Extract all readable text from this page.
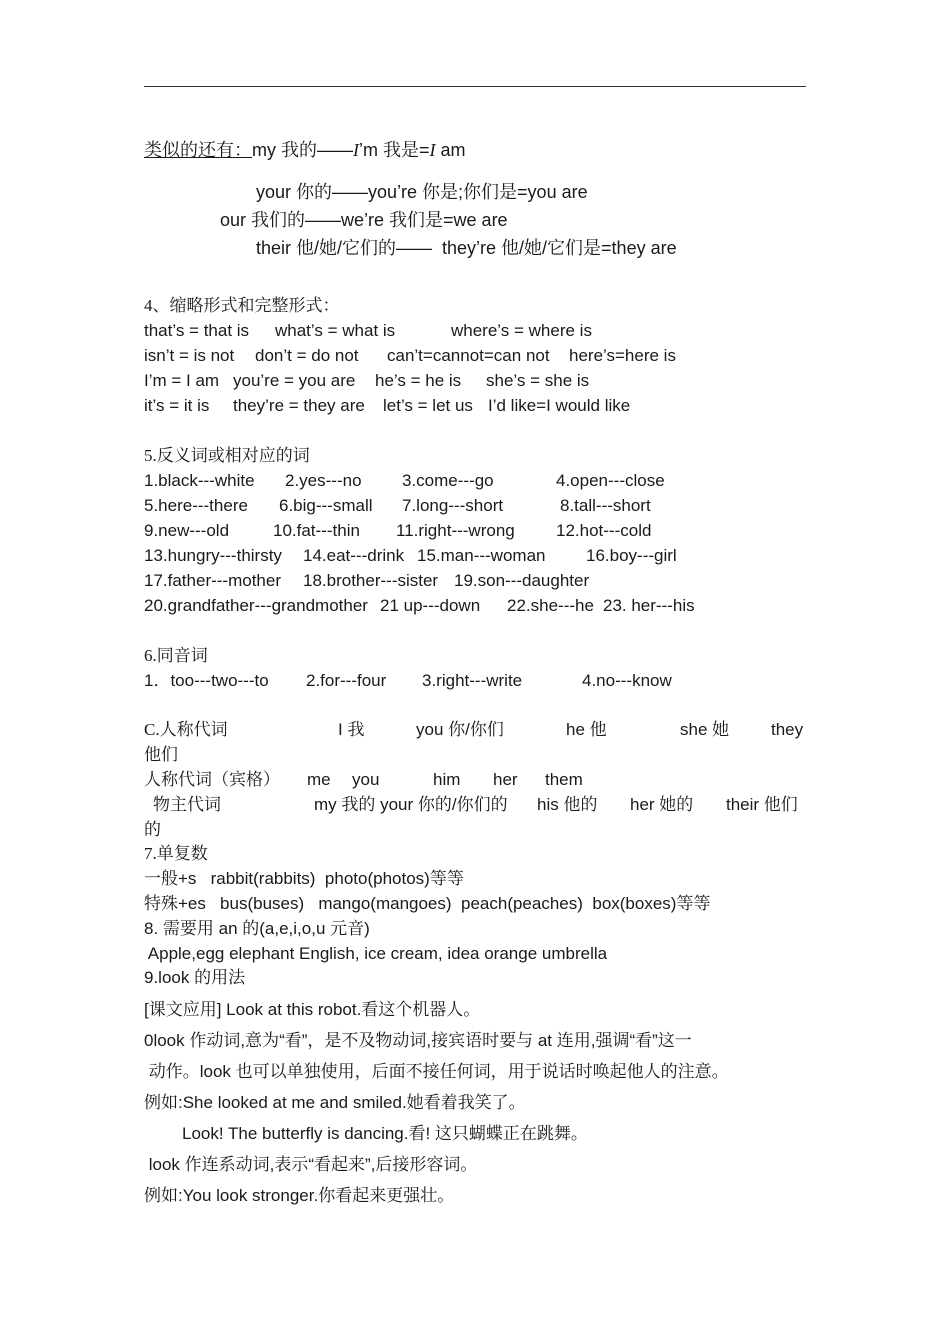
类似的还有：my 我的——I’m 我是=I am
your 你的——you’re 你是;你们是=you are
our 我们的——we’re 我们是=we are
their 他/她/它们的——  they’re 他/她/它们是=they are
4、缩略形式和完整形式：
that’s = that is what’s = what is	where’s = where is
isn’t = is not don’t = do not can’t=cannot=can not here’s=here is
I’m = I am you’re = you are he’s = he is she’s = she is
it’s = it is they’re = they are let’s = let us I’d like=I would like
5.反义词或相对应的词
1.black---white 2.yes---no 3.come---go	4.open---close
5.here---there 6.big---small 7.long---short	8.tall---short
9.new---old	10.fat---thin 11.right---wrong 12.hot---cold
13.hungry---thirsty 14.eat---drink 15.man---woman 16.boy---girl
17.father---mother 18.brother---sister 19.son---daughter
20.grandfather---grandmother 21 up---down 22.she---he 23. her---his
6.同音词
1．too---two---to 2.for---four 3.right---write	4.no---know
C.人称代词	I 我	you 你/你们	he 他	she 她 they
他们
人称代词（宾格） me you	him her them
物主代词	my 我的 your 你的/你们的 his 他的 her 她的 their 他们
的
7.单复数
一般+s   rabbit(rabbits)  photo(photos)等等
特殊+es   bus(buses)   mango(mangoes)  peach(peaches)  box(boxes)等等
8. 需要用 an 的(a,e,i,o,u 元音)
Apple,egg elephant English, ice cream, idea orange umbrella
9.look 的用法
[课文应用] Look at this robot.看这个机器人。
0look 作动词,意为“看”，是不及物动词,接宾语时要与 at 连用,强调“看”这一
动作。look 也可以单独使用，后面不接任何词，用于说话时唤起他人的注意。
例如:She looked at me and smiled.她看着我笑了。
Look! The butterfly is dancing.看! 这只蝴蝶正在跳舞。
look 作连系动词,表示“看起来”,后接形容词。
例如:You look stronger.你看起来更强壮。
